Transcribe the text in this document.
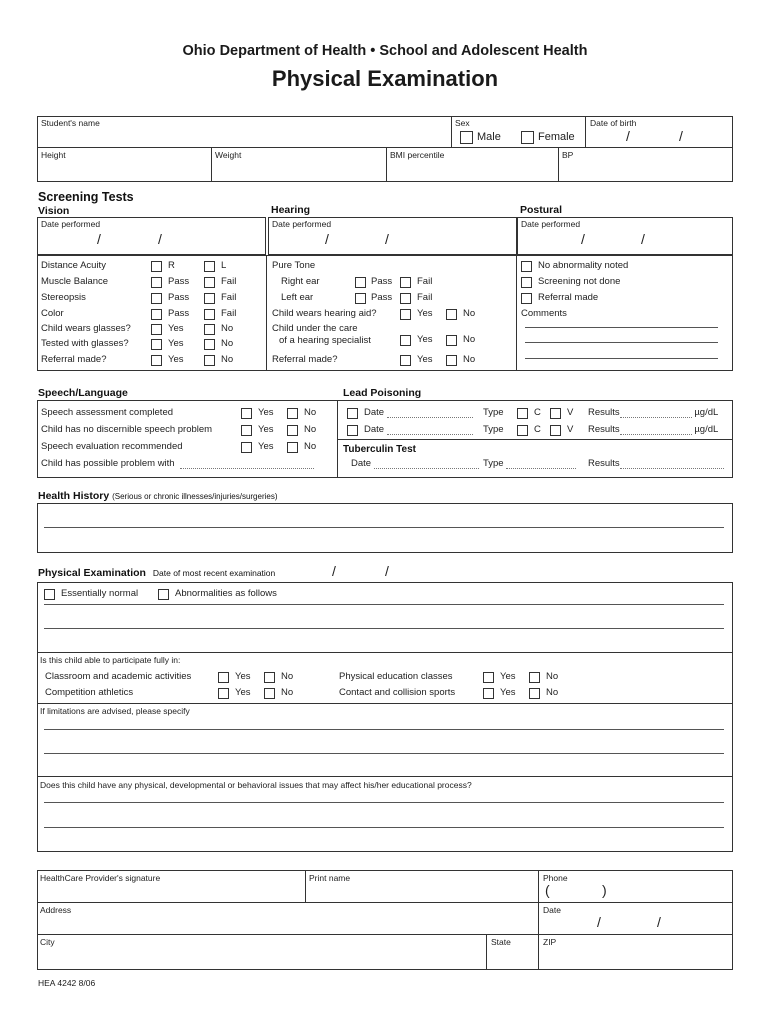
Ohio Department of Health • School and Adolescent Health
Physical Examination
Student's name	Sex
Male	Female
Date of birth
/	/
Height	Weight	BMI percentile	BP
Screening Tests
Vision	Hearing	Postural
Date performed
/	/
Date performed
/	/
Date performed
/	/
Distance Acuity	R	L
Muscle Balance	Pass	Fail
Stereopsis	Pass	Fail
Color	Pass	Fail
Child wears glasses?	Yes	No
Tested with glasses?	Yes	No
Referral made?	Yes	No
Pure Tone
Right ear	Pass	Fail
Left ear	Pass	Fail
Child wears hearing aid?	Yes	No
Child under the care
of a hearing specialist	Yes	No
Referral made?	Yes	No
No abnormality noted
Screening not done
Referral made
Comments
Speech/Language	Lead Poisoning
Speech assessment completed	Yes	No
Child has no discernible speech problem	Yes	No
Speech evaluation recommended	Yes	No
Child has possible problem with
Date	Type	C	V Results	µg/dL
Date	Type	C	V Results	µg/dL
Tuberculin Test
Date	Type	Results
Health History (Serious or chronic illnesses/injuries/surgeries)
Physical Examination Date of most recent examination	/	/
Essentially normal	Abnormalities as follows
Is this child able to participate fully in:
Classroom and academic activities	Yes	No
Competition athletics	Yes	No
Physical education classes	Yes	No
Contact and collision sports	Yes	No
If limitations are advised, please specify
Does this child have any physical, developmental or behavioral issues that may affect his/her educational process?
HealthCare Provider's signature	Print name	Phone
(	)
Address	Date
/	/
City	State	ZIP
HEA 4242 8/06
